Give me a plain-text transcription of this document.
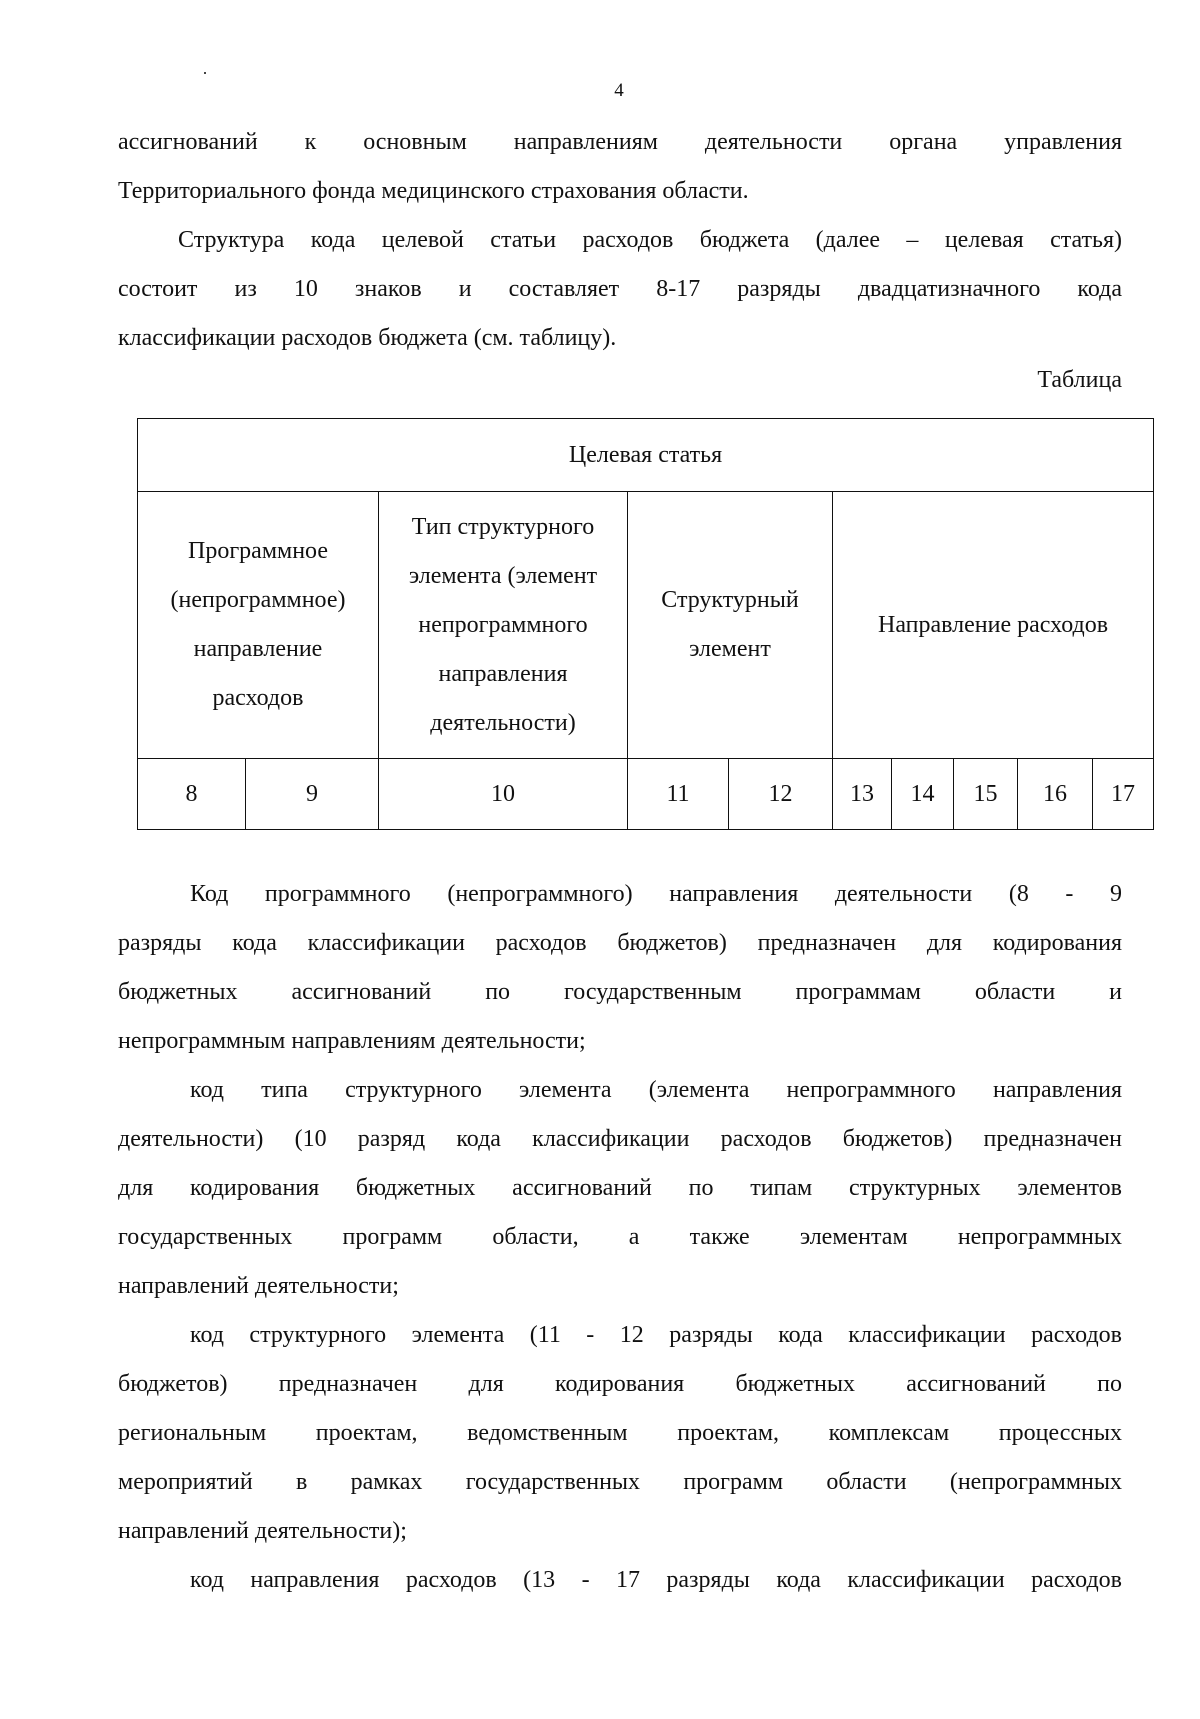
4

ассигнований к основным направлениям деятельности органа управления

Территориального фонда медицинского страхования области.

Структура кода целевой статьи расходов бюджета (далее – целевая статья)

состоит из 10 знаков и составляет 8-17 разряды двадцатизначного кода

классификации расходов бюджета (см. таблицу).

Таблица
Целевая статья									
Программное (непрограммное) направление расходов		Тип структурного элемента (элемент непрограммного направления деятельности)	Структурный элемент		Направление расходов				
8	9	10	11	12	13	14	15	16	17

Код программного (непрограммного) направления деятельности (8 - 9

разряды кода классификации расходов бюджетов) предназначен для кодирования

бюджетных ассигнований по государственным программам области и

непрограммным направлениям деятельности;

код типа структурного элемента (элемента непрограммного направления

деятельности) (10 разряд кода классификации расходов бюджетов) предназначен

для кодирования бюджетных ассигнований по типам структурных элементов

государственных программ области, а также элементам непрограммных

направлений деятельности;

код структурного элемента (11 - 12 разряды кода классификации расходов

бюджетов) предназначен для кодирования бюджетных ассигнований по

региональным проектам, ведомственным проектам, комплексам процессных

мероприятий в рамках государственных программ области (непрограммных

направлений деятельности);

код направления расходов (13 - 17 разряды кода классификации расходов
